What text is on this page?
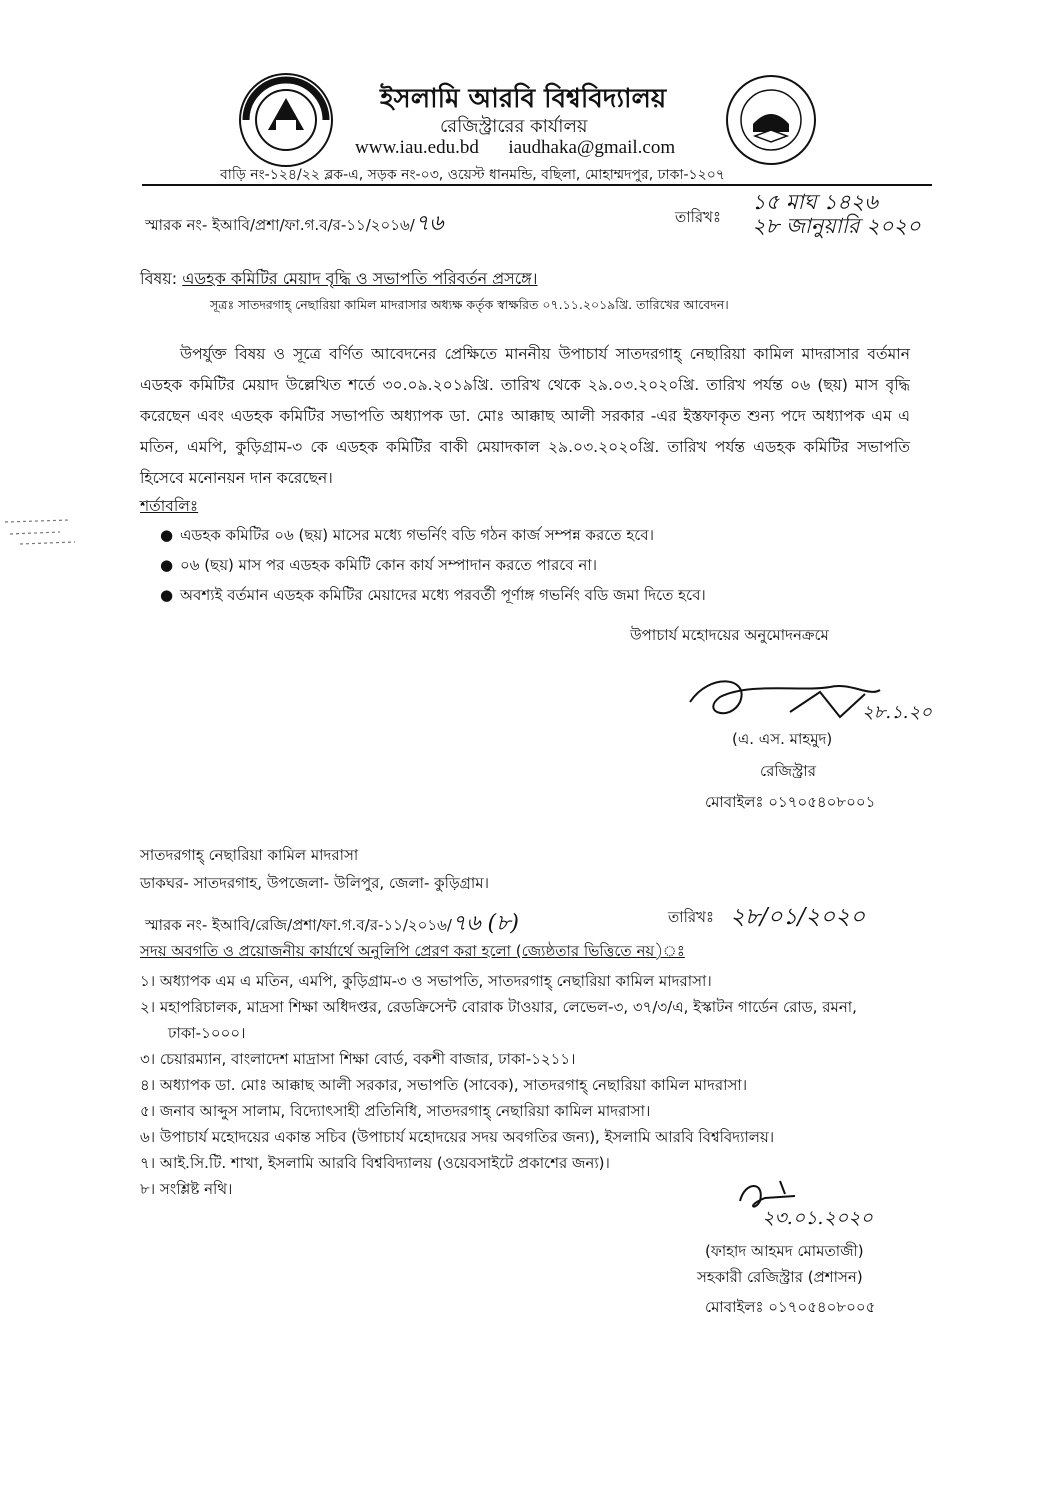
ইসলামি আরবি বিশ্ববিদ্যালয়
রেজিস্ট্রারের কার্যালয়
www.iau.edu.bd iaudhaka@gmail.com
বাড়ি নং-১২৪/২২ ব্লক-এ, সড়ক নং-০৩, ওয়েস্ট ধানমন্ডি, বছিলা, মোহাম্মদপুর, ঢাকা-১২০৭
স্মারক নং- ইআবি/প্রশা/ফা.গ.ব/র-১১/২০১৬/৭৬	তারিখঃ
১৫ মাঘ ১৪২৬
২৮ জানুয়ারি ২০২০
বিষয়: এডহক কমিটির মেয়াদ বৃদ্ধি ও সভাপতি পরিবর্তন প্রসঙ্গে।
সূত্রঃ সাতদরগাহ্‌ নেছারিয়া কামিল মাদরাসার অধ্যক্ষ কর্তৃক স্বাক্ষরিত ০৭.১১.২০১৯খ্রি. তারিখের আবেদন।
উপর্যুক্ত বিষয় ও সূত্রে বর্ণিত আবেদনের প্রেক্ষিতে মাননীয় উপাচার্য সাতদরগাহ্‌ নেছারিয়া কামিল মাদরাসার বর্তমান এডহক কমিটির মেয়াদ উল্লেখিত শর্তে ৩০.০৯.২০১৯খ্রি. তারিখ থেকে ২৯.০৩.২০২০খ্রি. তারিখ পর্যন্ত ০৬ (ছয়) মাস বৃদ্ধি করেছেন এবং এডহক কমিটির সভাপতি অধ্যাপক ডা. মোঃ আক্কাছ আলী সরকার -এর ইস্তফাকৃত শুন্য পদে অধ্যাপক এম এ মতিন, এমপি, কুড়িগ্রাম-৩ কে এডহক কমিটির বাকী মেয়াদকাল ২৯.০৩.২০২০খ্রি. তারিখ পর্যন্ত এডহক কমিটির সভাপতি হিসেবে মনোনয়ন দান করেছেন।
শর্তাবলিঃ
● এডহক কমিটির ০৬ (ছয়) মাসের মধ্যে গভর্নিং বডি গঠন কার্জ সম্পন্ন করতে হবে।
● ০৬ (ছয়) মাস পর এডহক কমিটি কোন কার্য সম্পাদান করতে পারবে না।
● অবশ্যই বর্তমান এডহক কমিটির মেয়াদের মধ্যে পরবর্তী পূর্ণাঙ্গ গভর্নিং বডি জমা দিতে হবে।
উপাচার্য মহোদয়ের অনুমোদনক্রমে
২৮.১.২০
(এ. এস. মাহমুদ)
রেজিস্ট্রার
মোবাইলঃ ০১৭০৫৪০৮০০১
সাতদরগাহ্‌ নেছারিয়া কামিল মাদরাসা
ডাকঘর- সাতদরগাহ, উপজেলা- উলিপুর, জেলা- কুড়িগ্রাম।
স্মারক নং- ইআবি/রেজি/প্রশা/ফা.গ.ব/র-১১/২০১৬/৭৬ (৮)	তারিখঃ ২৮/০১/২০২০
সদয় অবগতি ও প্রয়োজনীয় কার্যার্থে অনুলিপি প্রেরণ করা হলো (জ্যেষ্ঠতার ভিত্তিতে নয়)ঃ
১। অধ্যাপক এম এ মতিন, এমপি, কুড়িগ্রাম-৩ ও সভাপতি, সাতদরগাহ্‌ নেছারিয়া কামিল মাদরাসা।
২। মহাপরিচালক, মাদ্রসা শিক্ষা অধিদপ্তর, রেডক্রিসেন্ট বোরাক টাওয়ার, লেভেল-৩, ৩৭/৩/এ, ইস্কাটন গার্ডেন রোড, রমনা, ঢাকা-১০০০।
৩। চেয়ারম্যান, বাংলাদেশ মাদ্রাসা শিক্ষা বোর্ড, বকশী বাজার, ঢাকা-১২১১।
৪। অধ্যাপক ডা. মোঃ আক্কাছ আলী সরকার, সভাপতি (সাবেক), সাতদরগাহ্‌ নেছারিয়া কামিল মাদরাসা।
৫। জনাব আব্দুস সালাম, বিদ্যোৎসাহী প্রতিনিধি, সাতদরগাহ্‌ নেছারিয়া কামিল মাদরাসা।
৬। উপাচার্য মহোদয়ের একান্ত সচিব (উপাচার্য মহোদয়ের সদয় অবগতির জন্য), ইসলামি আরবি বিশ্ববিদ্যালয়।
৭। আই.সি.টি. শাখা, ইসলামি আরবি বিশ্ববিদ্যালয় (ওয়েবসাইটে প্রকাশের জন্য)।
৮। সংশ্লিষ্ট নথি।
২৩.০১.২০২০
(ফাহাদ আহমদ মোমতাজী)
সহকারী রেজিস্ট্রার (প্রশাসন)
মোবাইলঃ ০১৭০৫৪০৮০০৫
